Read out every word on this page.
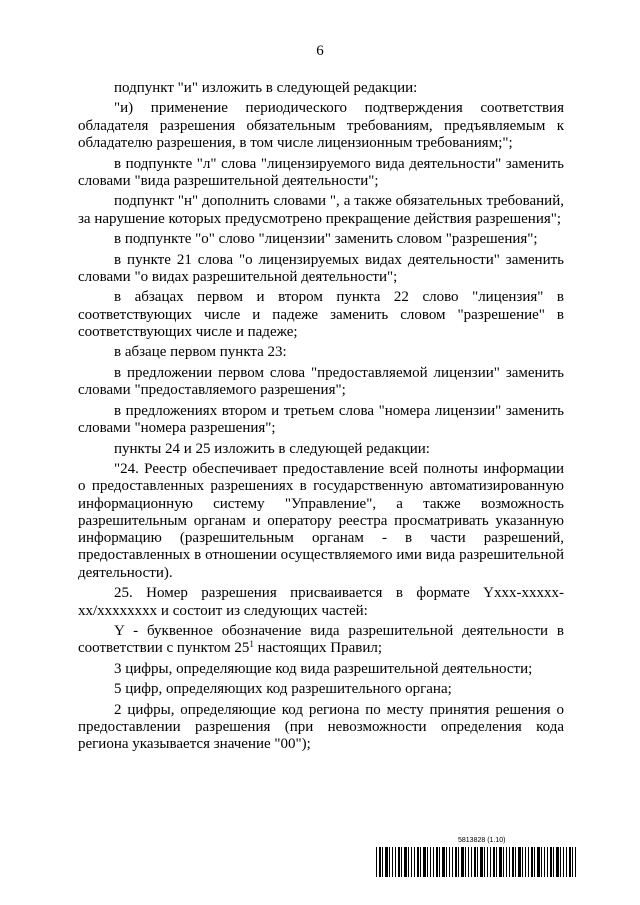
6

подпункт "и" изложить в следующей редакции:

"и) применение периодического подтверждения соответствия обладателя разрешения обязательным требованиям, предъявляемым к обладателю разрешения, в том числе лицензионным требованиям;";

в подпункте "л" слова "лицензируемого вида деятельности" заменить словами "вида разрешительной деятельности";

подпункт "н" дополнить словами ", а также обязательных требований, за нарушение которых предусмотрено прекращение действия разрешения";

в подпункте "о" слово "лицензии" заменить словом "разрешения";

в пункте 21 слова "о лицензируемых видах деятельности" заменить словами "о видах разрешительной деятельности";

в абзацах первом и втором пункта 22 слово "лицензия" в соответствующих числе и падеже заменить словом "разрешение" в соответствующих числе и падеже;

в абзаце первом пункта 23:

в предложении первом слова "предоставляемой лицензии" заменить словами "предоставляемого разрешения";

в предложениях втором и третьем слова "номера лицензии" заменить словами "номера разрешения";

пункты 24 и 25 изложить в следующей редакции:

"24. Реестр обеспечивает предоставление всей полноты информации о предоставленных разрешениях в государственную автоматизированную информационную систему "Управление", а также возможность разрешительным органам и оператору реестра просматривать указанную информацию (разрешительным органам - в части разрешений, предоставленных в отношении осуществляемого ими вида разрешительной деятельности).

25. Номер разрешения присваивается в формате Yxxx-xxxxx-xx/xxxxxxxx и состоит из следующих частей:

Y - буквенное обозначение вида разрешительной деятельности в соответствии с пунктом $25^1$ настоящих Правил;

3 цифры, определяющие код вида разрешительной деятельности;

5 цифр, определяющих код разрешительного органа;

2 цифры, определяющие код региона по месту принятия решения о предоставлении разрешения (при невозможности определения кода региона указывается значение "00");

5813828 (1.10)
